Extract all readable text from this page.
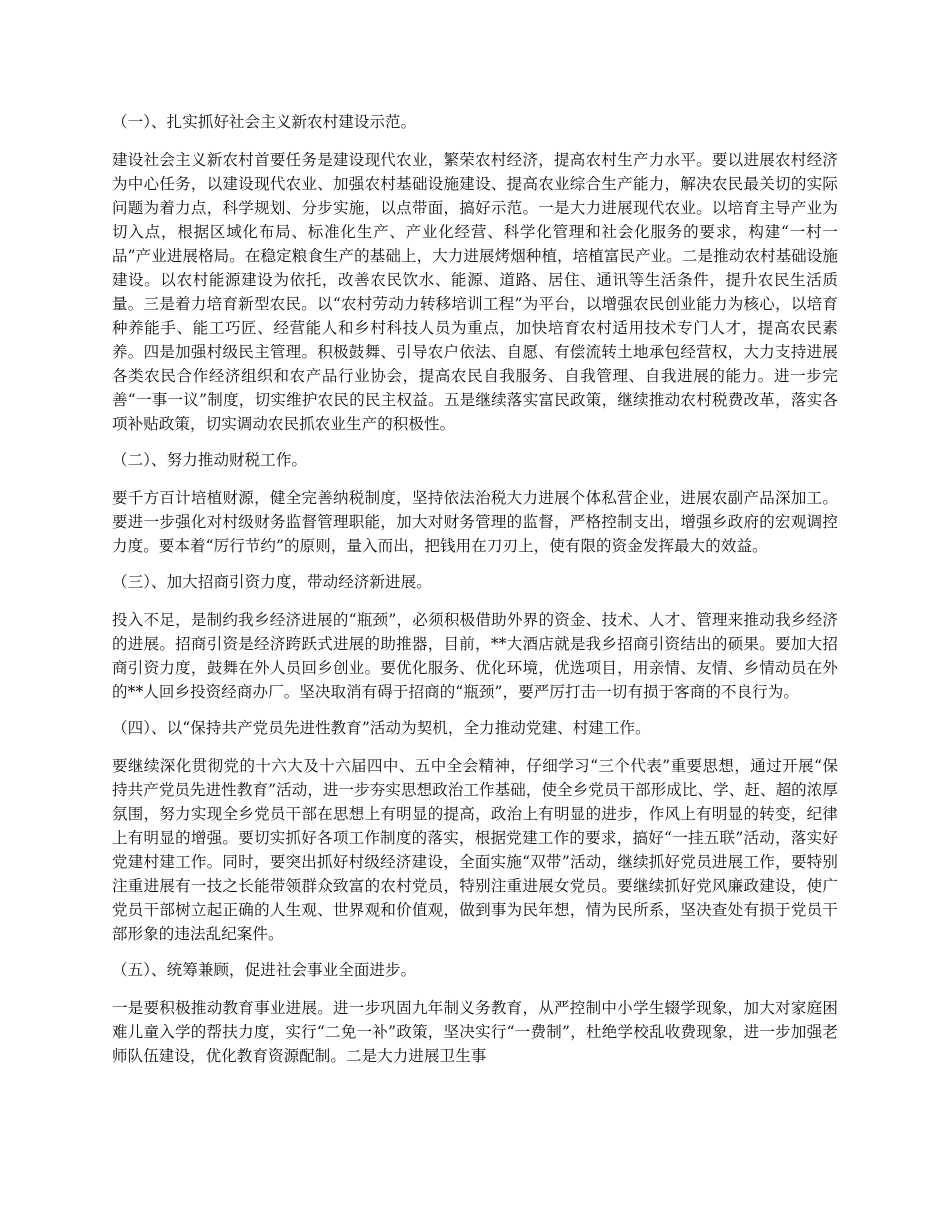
（一）、扎实抓好社会主义新农村建设示范。
建设社会主义新农村首要任务是建设现代农业，繁荣农村经济，提高农村生产力水平。要以进展农村经济为中心任务，以建设现代农业、加强农村基础设施建设、提高农业综合生产能力，解决农民最关切的实际问题为着力点，科学规划、分步实施，以点带面，搞好示范。一是大力进展现代农业。以培育主导产业为切入点，根据区域化布局、标准化生产、产业化经营、科学化管理和社会化服务的要求，构建“一村一品”产业进展格局。在稳定粮食生产的基础上，大力进展烤烟种植，培植富民产业。二是推动农村基础设施建设。以农村能源建设为依托，改善农民饮水、能源、道路、居住、通讯等生活条件，提升农民生活质量。三是着力培育新型农民。以“农村劳动力转移培训工程”为平台，以增强农民创业能力为核心，以培育种养能手、能工巧匠、经营能人和乡村科技人员为重点，加快培育农村适用技术专门人才，提高农民素养。四是加强村级民主管理。积极鼓舞、引导农户依法、自愿、有偿流转土地承包经营权，大力支持进展各类农民合作经济组织和农产品行业协会，提高农民自我服务、自我管理、自我进展的能力。进一步完善“一事一议”制度，切实维护农民的民主权益。五是继续落实富民政策，继续推动农村税费改革，落实各项补贴政策，切实调动农民抓农业生产的积极性。
（二）、努力推动财税工作。
要千方百计培植财源，健全完善纳税制度，坚持依法治税大力进展个体私营企业，进展农副产品深加工。要进一步强化对村级财务监督管理职能，加大对财务管理的监督，严格控制支出，增强乡政府的宏观调控力度。要本着“厉行节约”的原则，量入而出，把钱用在刀刃上，使有限的资金发挥最大的效益。
（三）、加大招商引资力度，带动经济新进展。
投入不足，是制约我乡经济进展的“瓶颈”，必须积极借助外界的资金、技术、人才、管理来推动我乡经济的进展。招商引资是经济跨跃式进展的助推器，目前，**大酒店就是我乡招商引资结出的硕果。要加大招商引资力度，鼓舞在外人员回乡创业。要优化服务、优化环境，优选项目，用亲情、友情、乡情动员在外的**人回乡投资经商办厂。坚决取消有碍于招商的“瓶颈”，要严厉打击一切有损于客商的不良行为。
（四）、以“保持共产党员先进性教育”活动为契机，全力推动党建、村建工作。
要继续深化贯彻党的十六大及十六届四中、五中全会精神，仔细学习“三个代表”重要思想，通过开展“保持共产党员先进性教育”活动，进一步夯实思想政治工作基础，使全乡党员干部形成比、学、赶、超的浓厚氛围，努力实现全乡党员干部在思想上有明显的提高，政治上有明显的进步，作风上有明显的转变，纪律上有明显的增强。要切实抓好各项工作制度的落实，根据党建工作的要求，搞好“一挂五联”活动，落实好党建村建工作。同时，要突出抓好村级经济建设，全面实施“双带”活动，继续抓好党员进展工作，要特别注重进展有一技之长能带领群众致富的农村党员，特别注重进展女党员。要继续抓好党风廉政建设，使广党员干部树立起正确的人生观、世界观和价值观，做到事为民年想，情为民所系，坚决查处有损于党员干部形象的违法乱纪案件。
（五）、统筹兼顾，促进社会事业全面进步。
一是要积极推动教育事业进展。进一步巩固九年制义务教育，从严控制中小学生辍学现象，加大对家庭困难儿童入学的帮扶力度，实行“二免一补”政策，坚决实行“一费制”，杜绝学校乱收费现象，进一步加强老师队伍建设，优化教育资源配制。二是大力进展卫生事
